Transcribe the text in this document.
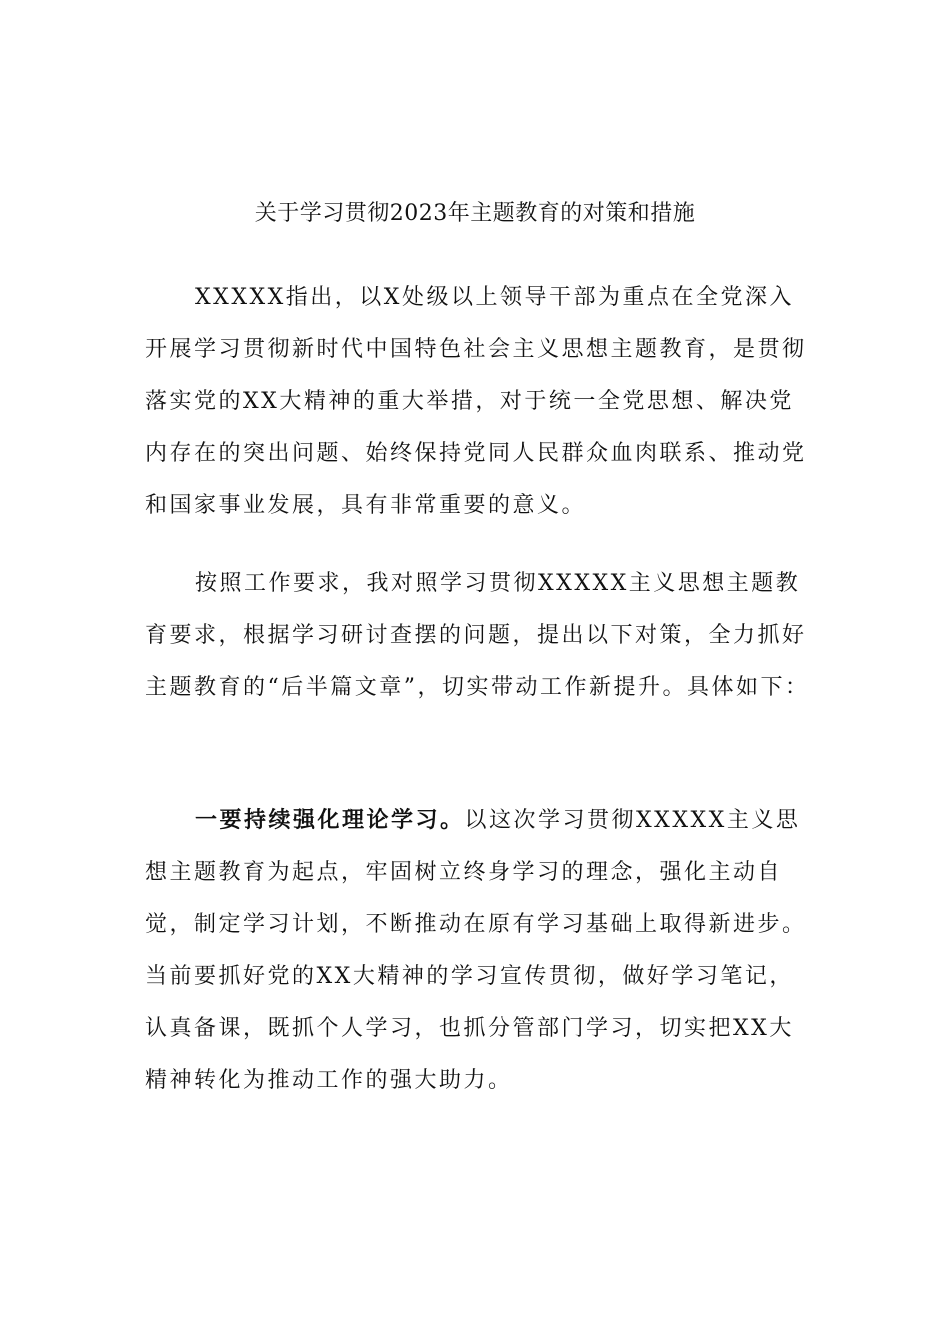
关于学习贯彻2023年主题教育的对策和措施

XXXXX指出，以X处级以上领导干部为重点在全党深入开展学习贯彻新时代中国特色社会主义思想主题教育，是贯彻落实党的XX大精神的重大举措，对于统一全党思想、解决党内存在的突出问题、始终保持党同人民群众血肉联系、推动党和国家事业发展，具有非常重要的意义。

按照工作要求，我对照学习贯彻XXXXX主义思想主题教育要求，根据学习研讨查摆的问题，提出以下对策，全力抓好主题教育的“后半篇文章”，切实带动工作新提升。具体如下：

一要持续强化理论学习。以这次学习贯彻XXXXX主义思想主题教育为起点，牢固树立终身学习的理念，强化主动自觉，制定学习计划，不断推动在原有学习基础上取得新进步。当前要抓好党的XX大精神的学习宣传贯彻，做好学习笔记，认真备课，既抓个人学习，也抓分管部门学习，切实把XX大精神转化为推动工作的强大助力。
